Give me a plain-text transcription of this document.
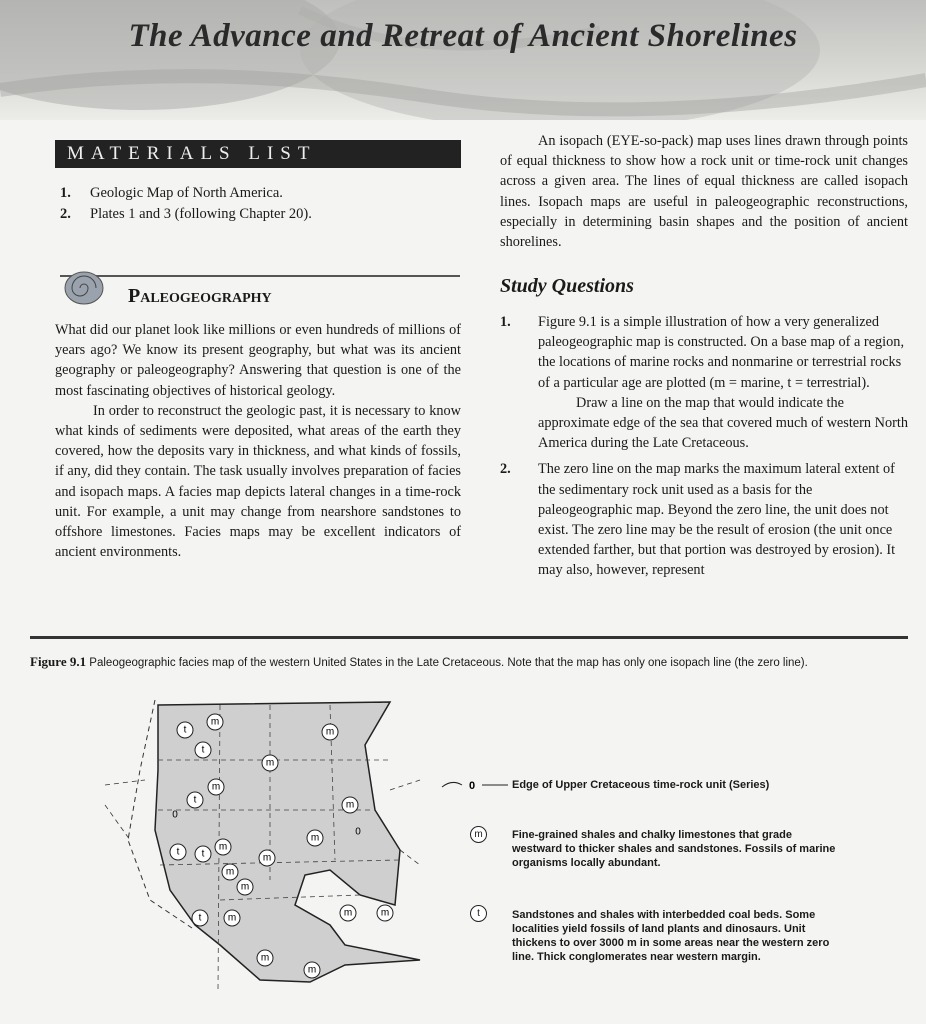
The Advance and Retreat of Ancient Shorelines
MATERIALS LIST
1.	Geologic Map of North America.
2.	Plates 1 and 3 (following Chapter 20).
Paleogeography

What did our planet look like millions or even hundreds of millions of years ago? We know its present geography, but what was its ancient geography or paleogeography? Answering that question is one of the most fascinating objectives of historical geology.

In order to reconstruct the geologic past, it is necessary to know what kinds of sediments were deposited, what areas of the earth they covered, how the deposits vary in thickness, and what kinds of fossils, if any, did they contain. The task usually involves preparation of facies and isopach maps. A facies map depicts lateral changes in a time-rock unit. For example, a unit may change from nearshore sandstones to offshore limestones. Facies maps may be excellent indicators of ancient environments.

An isopach (EYE-so-pack) map uses lines drawn through points of equal thickness to show how a rock unit or time-rock unit changes across a given area. The lines of equal thickness are called isopach lines. Isopach maps are useful in paleogeographic reconstructions, especially in determining basin shapes and the position of ancient shorelines.

Study Questions
1.	Figure 9.1 is a simple illustration of how a very generalized paleogeographic map is constructed. On a base map of a region, the locations of marine rocks and nonmarine or terrestrial rocks of a particular age are plotted (m = marine, t = terrestrial).

Draw a line on the map that would indicate the approximate edge of the sea that covered much of western North America during the Late Cretaceous.

2.	The zero line on the map marks the maximum lateral extent of the sedimentary rock unit used as a basis for the paleogeographic map. Beyond the zero line, the unit does not exist. The zero line may be the result of erosion (the unit once extended farther, but that portion was destroyed by erosion). It may also, however, represent

Figure 9.1 Paleogeographic facies map of the western United States in the Late Cretaceous. Note that the map has only one isopach line (the zero line).
t
m
m
t
m
m
t	m
m
t t
m
m
m
m
t	m	m	m
m
m
0
0
0	Edge of Upper Cretaceous time-rock unit (Series)
m	Fine-grained shales and chalky limestones that grade westward to thicker shales and sandstones. Fossils of marine organisms locally abundant.
t	Sandstones and shales with interbedded coal beds. Some localities yield fossils of land plants and dinosaurs. Unit thickens to over 3000 m in some areas near the western zero line. Thick conglomerates near western margin.
